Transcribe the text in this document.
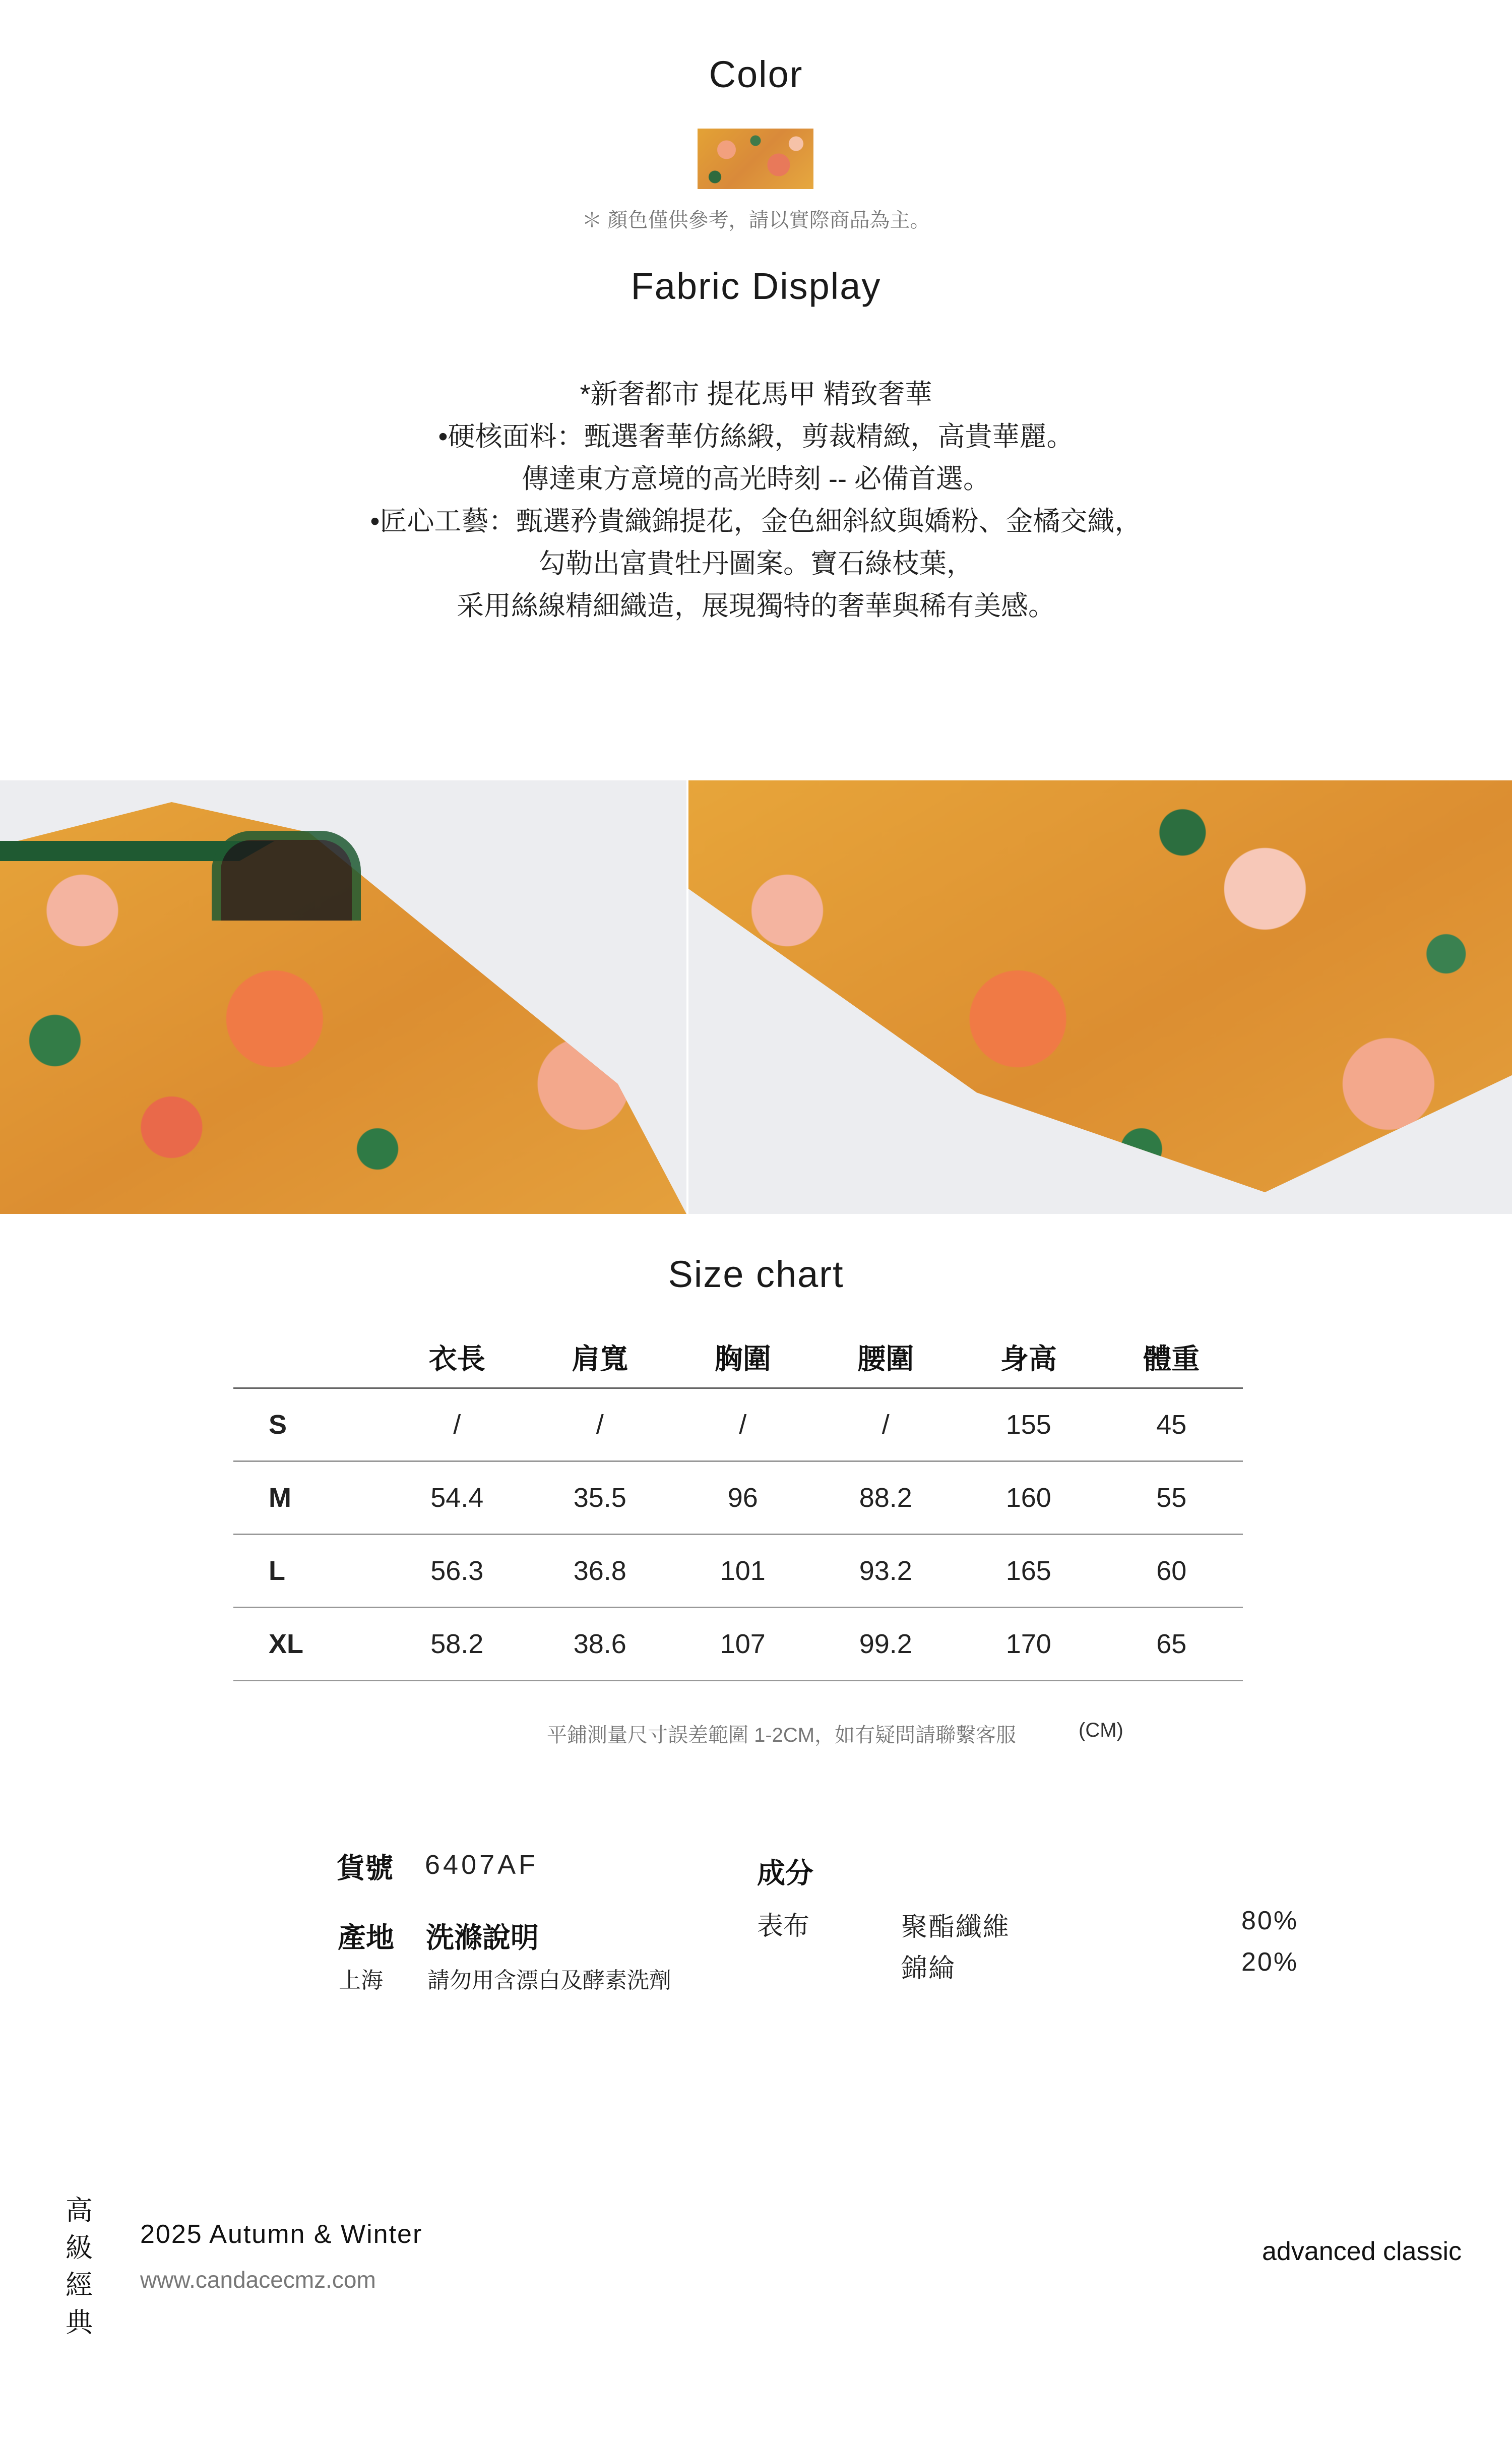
Color
＊ 顏色僅供參考，請以實際商品為主。
Fabric Display
*新奢都市 提花馬甲 精致奢華
•硬核面料：甄選奢華仿絲緞，剪裁精緻，高貴華麗。
傳達東方意境的高光時刻 -- 必備首選。
•匠心工藝：甄選矜貴織錦提花，金色細斜紋與嬌粉、金橘交織，
勾勒出富貴牡丹圖案。寶石綠枝葉，
采用絲線精細織造，展現獨特的奢華與稀有美感。
Size chart
	衣長	肩寬	胸圍	腰圍	身高	體重
S	/	/	/	/	155	45
M	54.4	35.5	96	88.2	160	55
L	56.3	36.8	101	93.2	165	60
XL	58.2	38.6	107	99.2	170	65
平鋪測量尺寸誤差範圍 1-2CM，如有疑問請聯繫客服	(CM)
貨號 6407AF
產地 洗滌說明
上海 請勿用含漂白及酵素洗劑
成分
表布	聚酯纖維	80%
錦綸	20%
高
級
經
典
2025 Autumn & Winter
www.candacecmz.com
advanced classic
